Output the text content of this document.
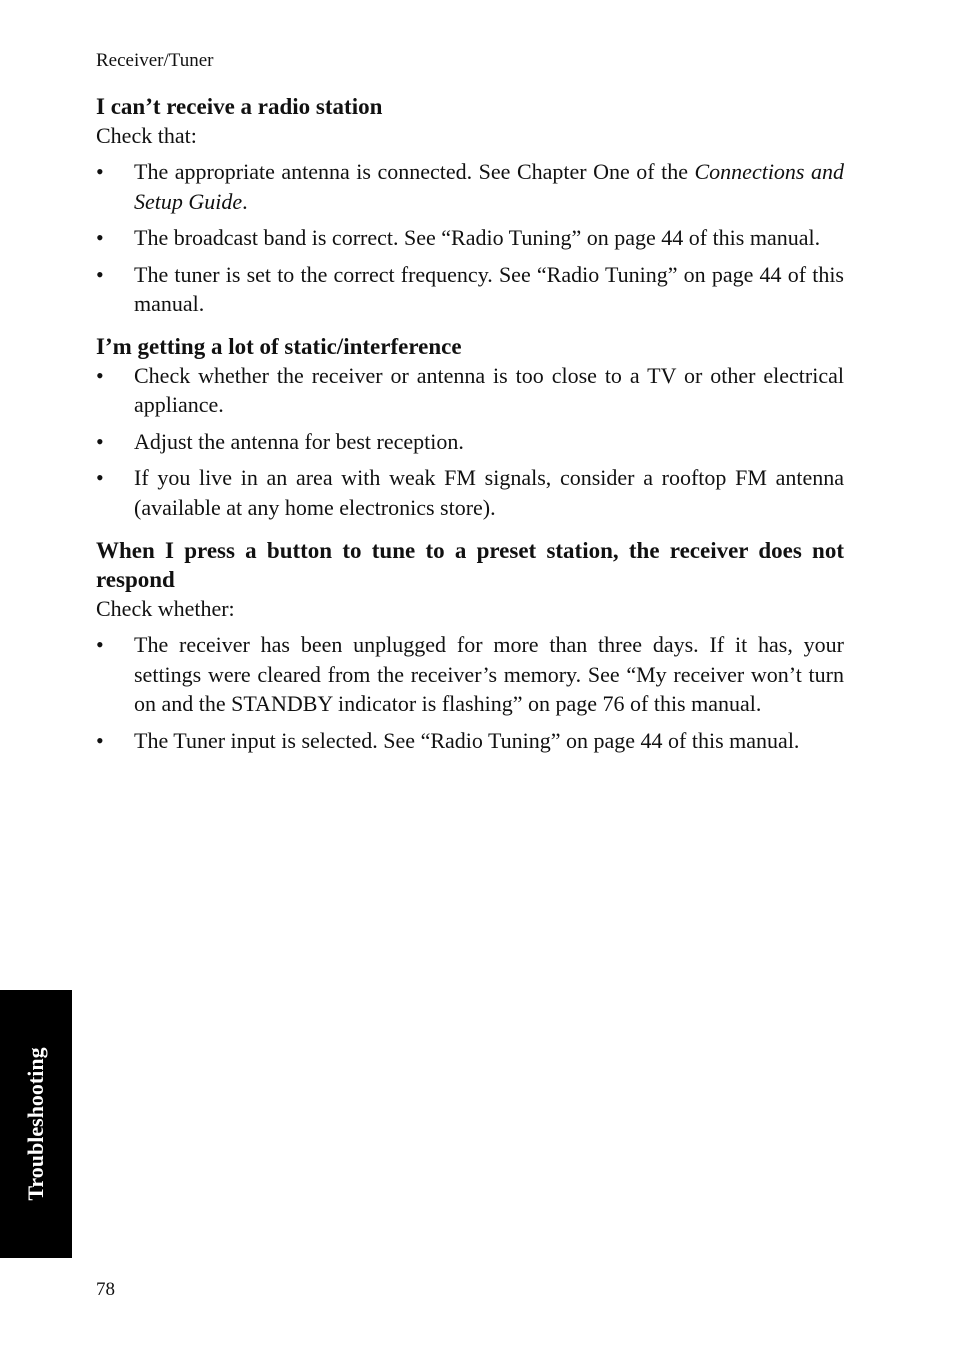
Receiver/Tuner
I can’t receive a radio station

Check that:

•	The appropriate antenna is connected. See Chapter One of the Connections and Setup Guide.
•	The broadcast band is correct. See “Radio Tuning” on page 44 of this manual.
•	The tuner is set to the correct frequency. See “Radio Tuning” on page 44 of this manual.
I’m getting a lot of static/interference
•	Check whether the receiver or antenna is too close to a TV or other electrical appliance.
•	Adjust the antenna for best reception.
•	If you live in an area with weak FM signals, consider a rooftop FM antenna (available at any home electronics store).
When I press a button to tune to a preset station, the receiver does not respond

Check whether:

•	The receiver has been unplugged for more than three days. If it has, your settings were cleared from the receiver’s memory. See “My receiver won’t turn on and the STANDBY indicator is flashing” on page 76 of this manual.
•	The Tuner input is selected. See “Radio Tuning” on page 44 of this manual.
Troubleshooting
78
